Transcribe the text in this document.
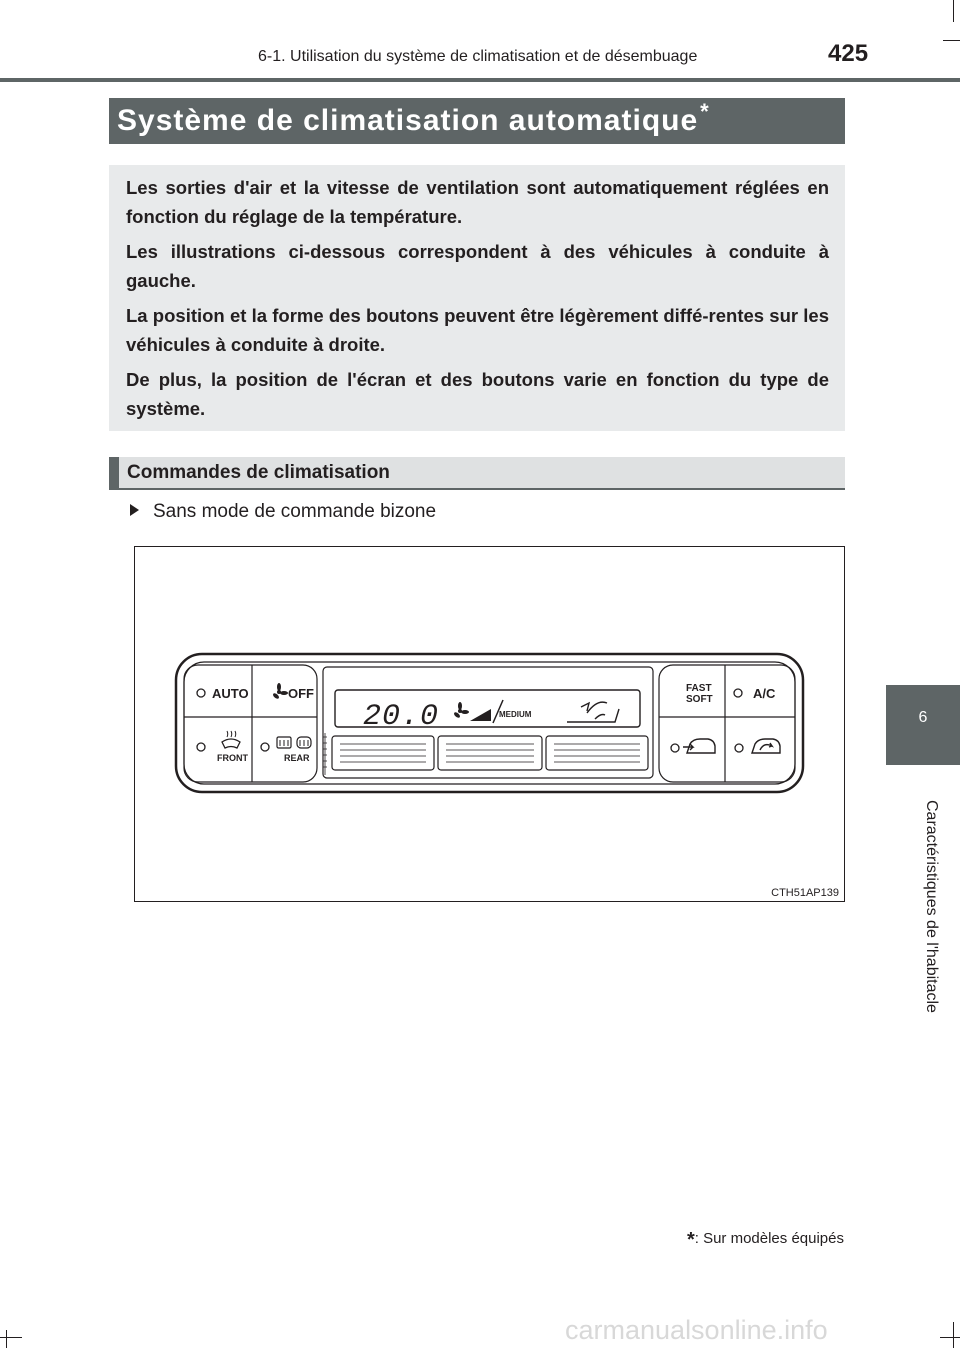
6-1. Utilisation du système de climatisation et de désembuage	425
Système de climatisation automatique*

Les sorties d'air et la vitesse de ventilation sont automatiquement réglées en fonction du réglage de la température.

Les illustrations ci-dessous correspondent à des véhicules à conduite à gauche.

La position et la forme des boutons peuvent être légèrement diffé-rentes sur les véhicules à conduite à droite.

De plus, la position de l'écran et des boutons varie en fonction du type de système.

Commandes de climatisation
Sans mode de commande bizone
AUTO	OFF
FRONT	REAR
20.0	MEDIUM
FAST
SOFT	A/C
CTH51AP139
*: Sur modèles équipés
6
Caractéristiques de l'habitacle
carmanualsonline.info
